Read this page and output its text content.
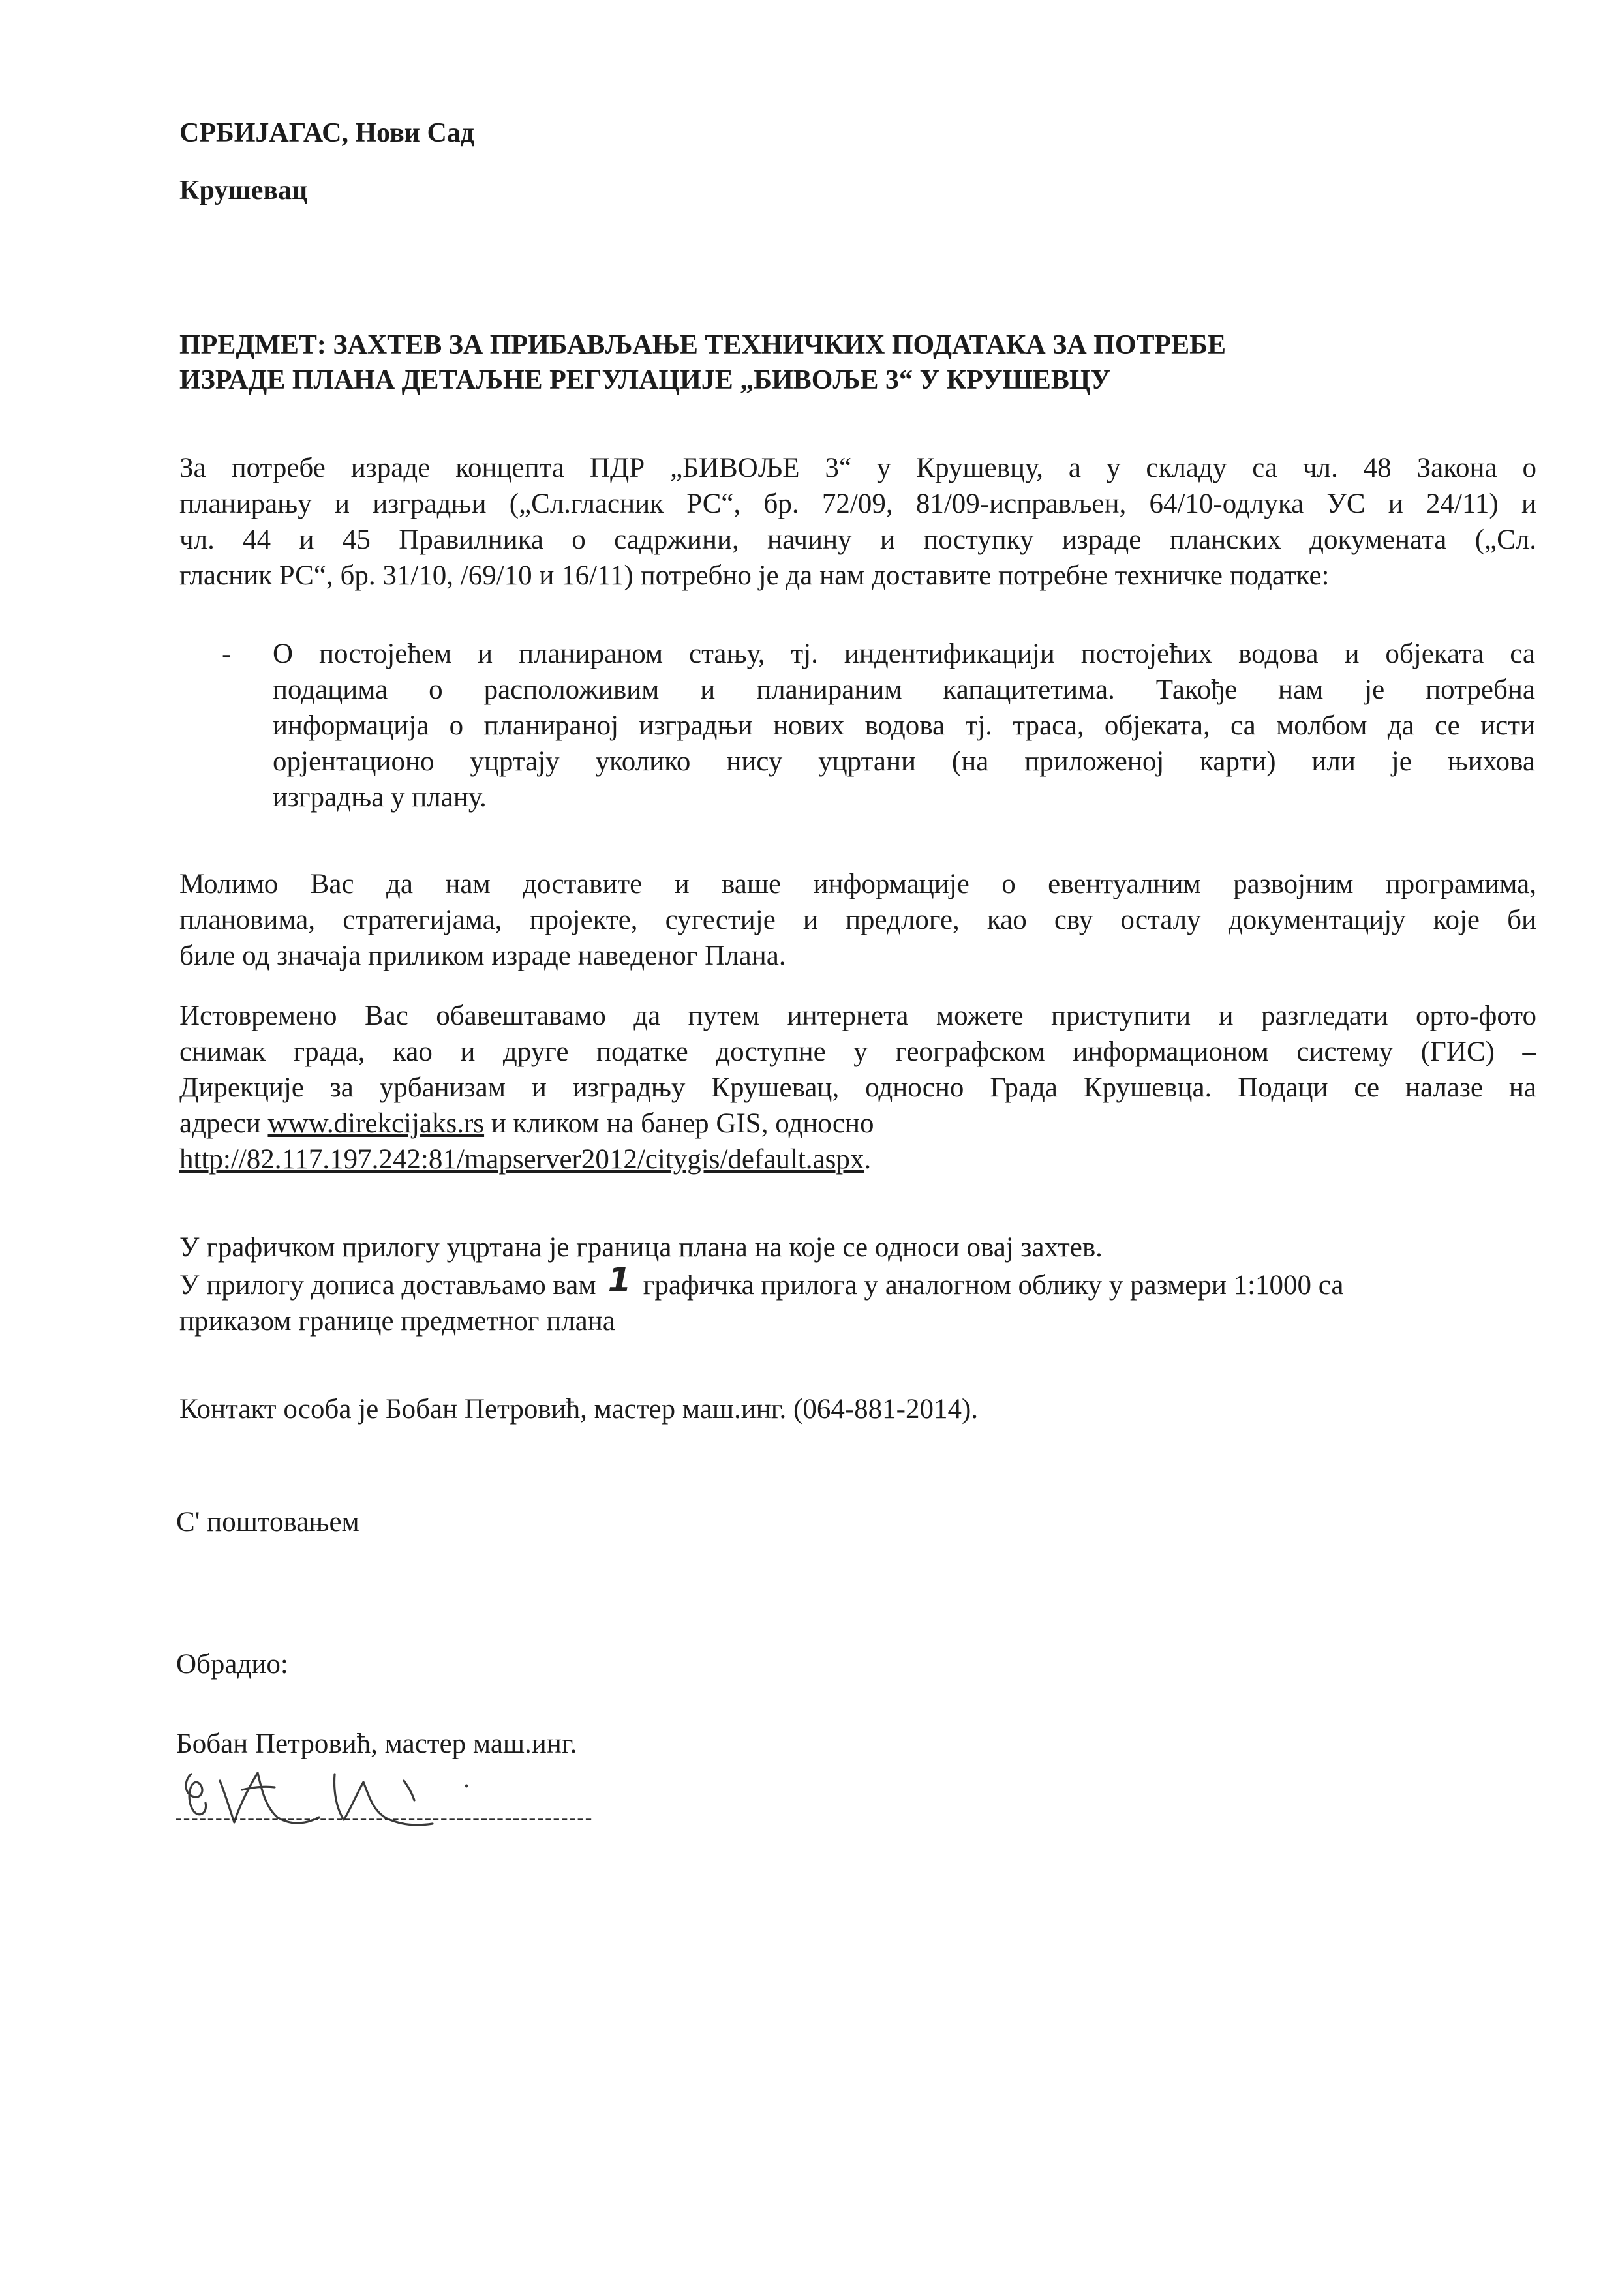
СРБИЈАГАС, Нови Сад

Крушевац

ПРЕДМЕТ: ЗАХТЕВ ЗА ПРИБАВЉАЊЕ ТЕХНИЧКИХ ПОДАТАКА ЗА ПОТРЕБЕ
ИЗРАДЕ ПЛАНА ДЕТАЉНЕ РЕГУЛАЦИЈЕ „БИВОЉЕ 3“ У КРУШЕВЦУ
За потребе израде концепта ПДР „БИВОЉЕ 3“ у Крушевцу, а у складу са чл. 48 Закона о
планирању и изградњи („Сл.гласник РС“, бр. 72/09, 81/09-исправљен, 64/10-одлука УС и 24/11) и
чл. 44 и 45 Правилника о садржини, начину и поступку израде планских докумената („Сл.
гласник РС“, бр. 31/10, /69/10 и 16/11) потребно је да нам доставите потребне техничке податке:
- О постојећем и планираном стању, тј. индентификацији постојећих водова и објеката са
подацима о расположивим и планираним капацитетима. Такође нам је потребна
информација о планираној изградњи нових водова тј. траса, објеката, са молбом да се исти
орјентационо уцртају уколико нису уцртани (на приложеној карти) или је њихова
изградња у плану.
Молимо Вас да нам доставите и ваше информације о евентуалним развојним програмима,
плановима, стратегијама, пројекте, сугестије и предлоге, као сву осталу документацију које би
биле од значаја приликом израде наведеног Плана.
Истовремено Вас обавештавамо да путем интернета можете приступити и разгледати орто-фото
снимак града, као и друге податке доступне у географском информационом систему (ГИС) –
Дирекције за урбанизам и изградњу Крушевац, односно Града Крушевца. Подаци се налазе на
адреси www.direkcijaks.rs и кликом на банер GIS, односно
http://82.117.197.242:81/mapserver2012/citygis/default.aspx.
У графичком прилогу уцртана је граница плана на које се односи овај захтев.
У прилогу дописа достављамо вам 1 графичка прилога у аналогном облику у размери 1:1000 са
приказом границе предметног плана
Контакт особа је Бобан Петровић, мастер маш.инг. (064-881-2014).

С' поштовањем

Обрадио:

Бобан Петровић, мастер маш.инг.

----------------------------------------------------
